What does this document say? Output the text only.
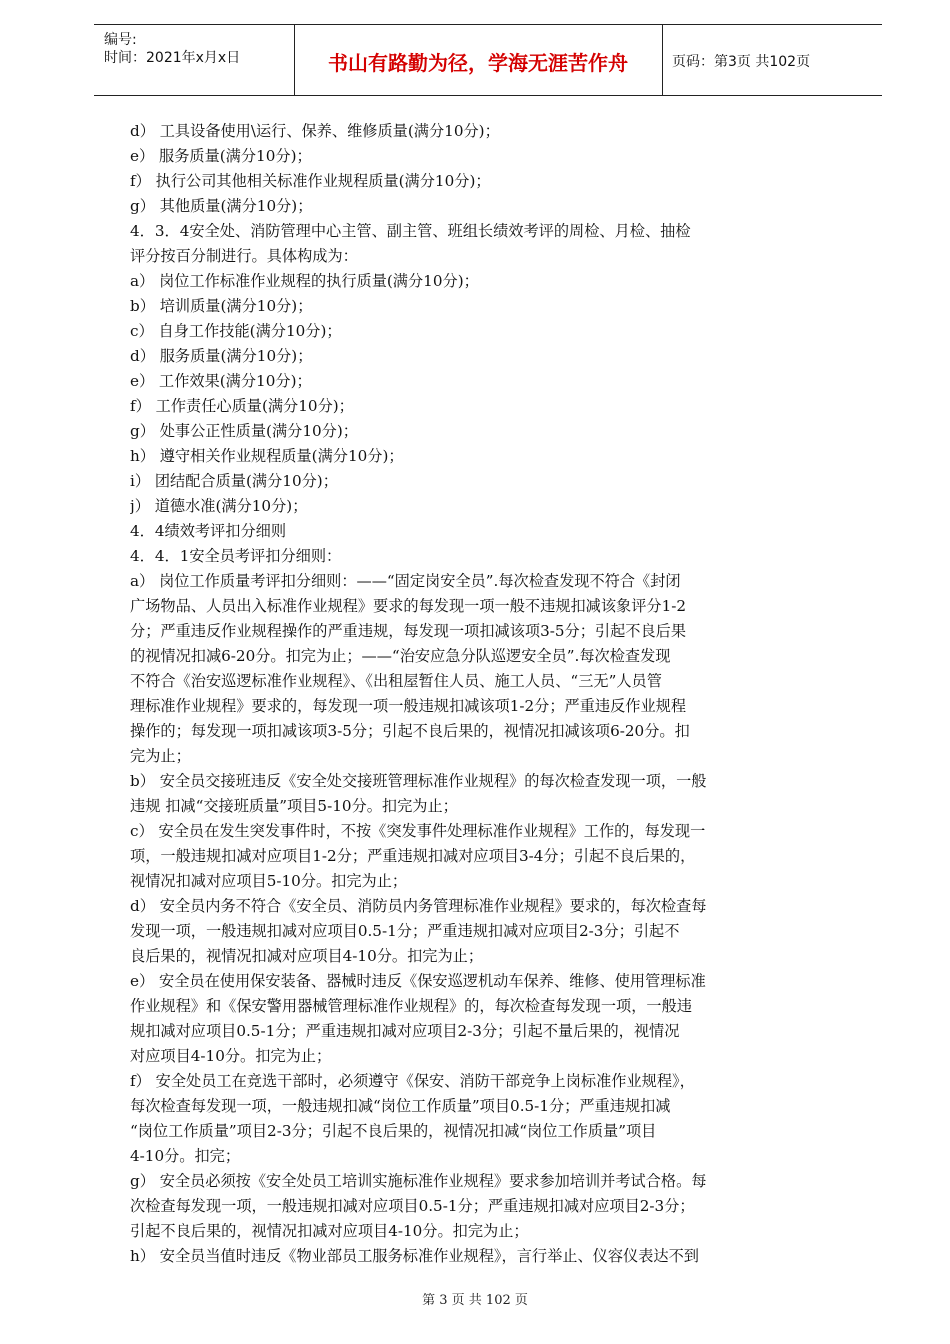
编号:
时间：2021年x月x日	书山有路勤为径，学海无涯苦作舟	页码：第3页 共102页
d） 工具设备使用\运行、保养、维修质量(满分10分)；
e） 服务质量(满分10分)；
f） 执行公司其他相关标准作业规程质量(满分10分)；
g） 其他质量(满分10分)；
4．3．4安全处、消防管理中心主管、副主管、班组长绩效考评的周检、月检、抽检
评分按百分制进行。具体构成为：
a） 岗位工作标准作业规程的执行质量(满分10分)；
b） 培训质量(满分10分)；
c） 自身工作技能(满分10分)；
d） 服务质量(满分10分)；
e） 工作效果(满分10分)；
f） 工作责任心质量(满分10分)；
g） 处事公正性质量(满分10分)；
h） 遵守相关作业规程质量(满分10分)；
i） 团结配合质量(满分10分)；
j） 道德水准(满分10分)；
4．4绩效考评扣分细则
4．4．1安全员考评扣分细则：
a） 岗位工作质量考评扣分细则：——“固定岗安全员”.每次检查发现不符合《封闭
广场物品、人员出入标准作业规程》要求的每发现一项一般不违规扣减该象评分1-2
分；严重违反作业规程操作的严重违规，每发现一项扣减该项3-5分；引起不良后果
的视情况扣减6-20分。扣完为止；——“治安应急分队巡逻安全员”.每次检查发现
不符合《治安巡逻标准作业规程》、《出租屋暂住人员、施工人员、“三无”人员管
理标准作业规程》要求的，每发现一项一般违规扣减该项1-2分；严重违反作业规程
操作的；每发现一项扣减该项3-5分；引起不良后果的，视情况扣减该项6-20分。扣
完为止；
b） 安全员交接班违反《安全处交接班管理标准作业规程》的每次检查发现一项，一般
违规 扣减“交接班质量”项目5-10分。扣完为止；
c） 安全员在发生突发事件时，不按《突发事件处理标准作业规程》工作的，每发现一
项，一般违规扣减对应项目1-2分；严重违规扣减对应项目3-4分；引起不良后果的，
视情况扣减对应项目5-10分。扣完为止；
d） 安全员内务不符合《安全员、消防员内务管理标准作业规程》要求的，每次检查每
发现一项，一般违规扣减对应项目0.5-1分；严重违规扣减对应项目2-3分；引起不
良后果的，视情况扣减对应项目4-10分。扣完为止；
e） 安全员在使用保安装备、器械时违反《保安巡逻机动车保养、维修、使用管理标准
作业规程》和《保安警用器械管理标准作业规程》的，每次检查每发现一项，一般违
规扣减对应项目0.5-1分；严重违规扣减对应项目2-3分；引起不量后果的，视情况
对应项目4-10分。扣完为止；
f） 安全处员工在竞选干部时，必须遵守《保安、消防干部竞争上岗标准作业规程》，
每次检查每发现一项，一般违规扣减“岗位工作质量”项目0.5-1分；严重违规扣减
“岗位工作质量”项目2-3分；引起不良后果的，视情况扣减“岗位工作质量”项目
4-10分。扣完；
g） 安全员必须按《安全处员工培训实施标准作业规程》要求参加培训并考试合格。每
次检查每发现一项，一般违规扣减对应项目0.5-1分；严重违规扣减对应项目2-3分；
引起不良后果的，视情况扣减对应项目4-10分。扣完为止；
h） 安全员当值时违反《物业部员工服务标准作业规程》，言行举止、仪容仪表达不到
第 3 页 共 102 页
